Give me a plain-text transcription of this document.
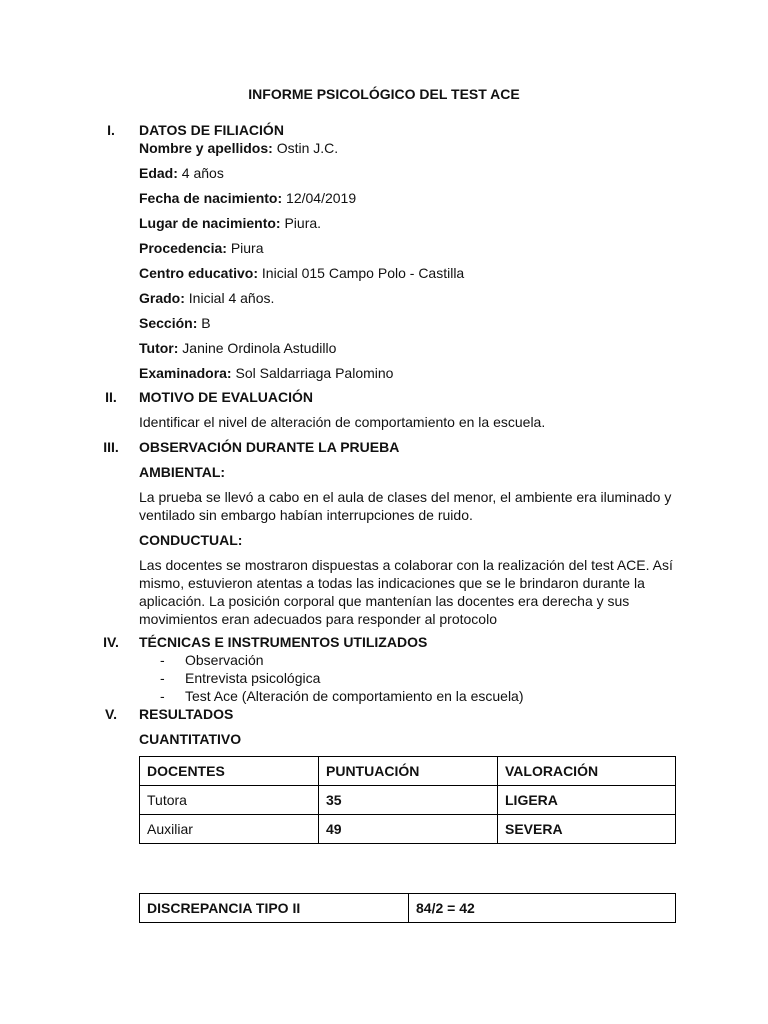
INFORME PSICOLÓGICO DEL TEST ACE
I.	DATOS DE FILIACIÓN
Nombre y apellidos: Ostin J.C.
Edad: 4 años
Fecha de nacimiento: 12/04/2019
Lugar de nacimiento: Piura.
Procedencia: Piura
Centro educativo: Inicial 015 Campo Polo - Castilla
Grado: Inicial 4 años.
Sección: B
Tutor: Janine Ordinola Astudillo
Examinadora: Sol Saldarriaga Palomino
II.	MOTIVO DE EVALUACIÓN
Identificar el nivel de alteración de comportamiento en la escuela.
III.	OBSERVACIÓN DURANTE LA PRUEBA
AMBIENTAL:
La prueba se llevó a cabo en el aula de clases del menor, el ambiente era iluminado y ventilado sin embargo habían interrupciones de ruido.
CONDUCTUAL:
Las docentes se mostraron dispuestas a colaborar con la realización del test ACE. Así mismo, estuvieron atentas a todas las indicaciones que se le brindaron durante la aplicación. La posición corporal que mantenían las docentes era derecha y sus movimientos eran adecuados para responder al protocolo
IV.	TÉCNICAS E INSTRUMENTOS UTILIZADOS
- Observación
- Entrevista psicológica
- Test Ace (Alteración de comportamiento en la escuela)
V.	RESULTADOS
CUANTITATIVO
DOCENTES	PUNTUACIÓN	VALORACIÓN
Tutora	35	LIGERA
Auxiliar	49	SEVERA
DISCREPANCIA TIPO II	84/2 = 42
